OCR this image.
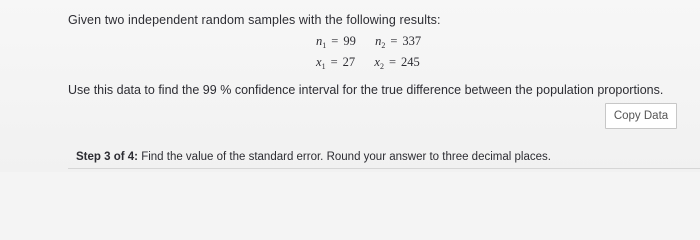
Given two independent random samples with the following results:
$n_1 = 99$ $n_2 = 337$
$x_1 = 27$ $x_2 = 245$
Use this data to find the 99 % confidence interval for the true difference between the population proportions.
Copy Data
Step 3 of 4: Find the value of the standard error. Round your answer to three decimal places.
